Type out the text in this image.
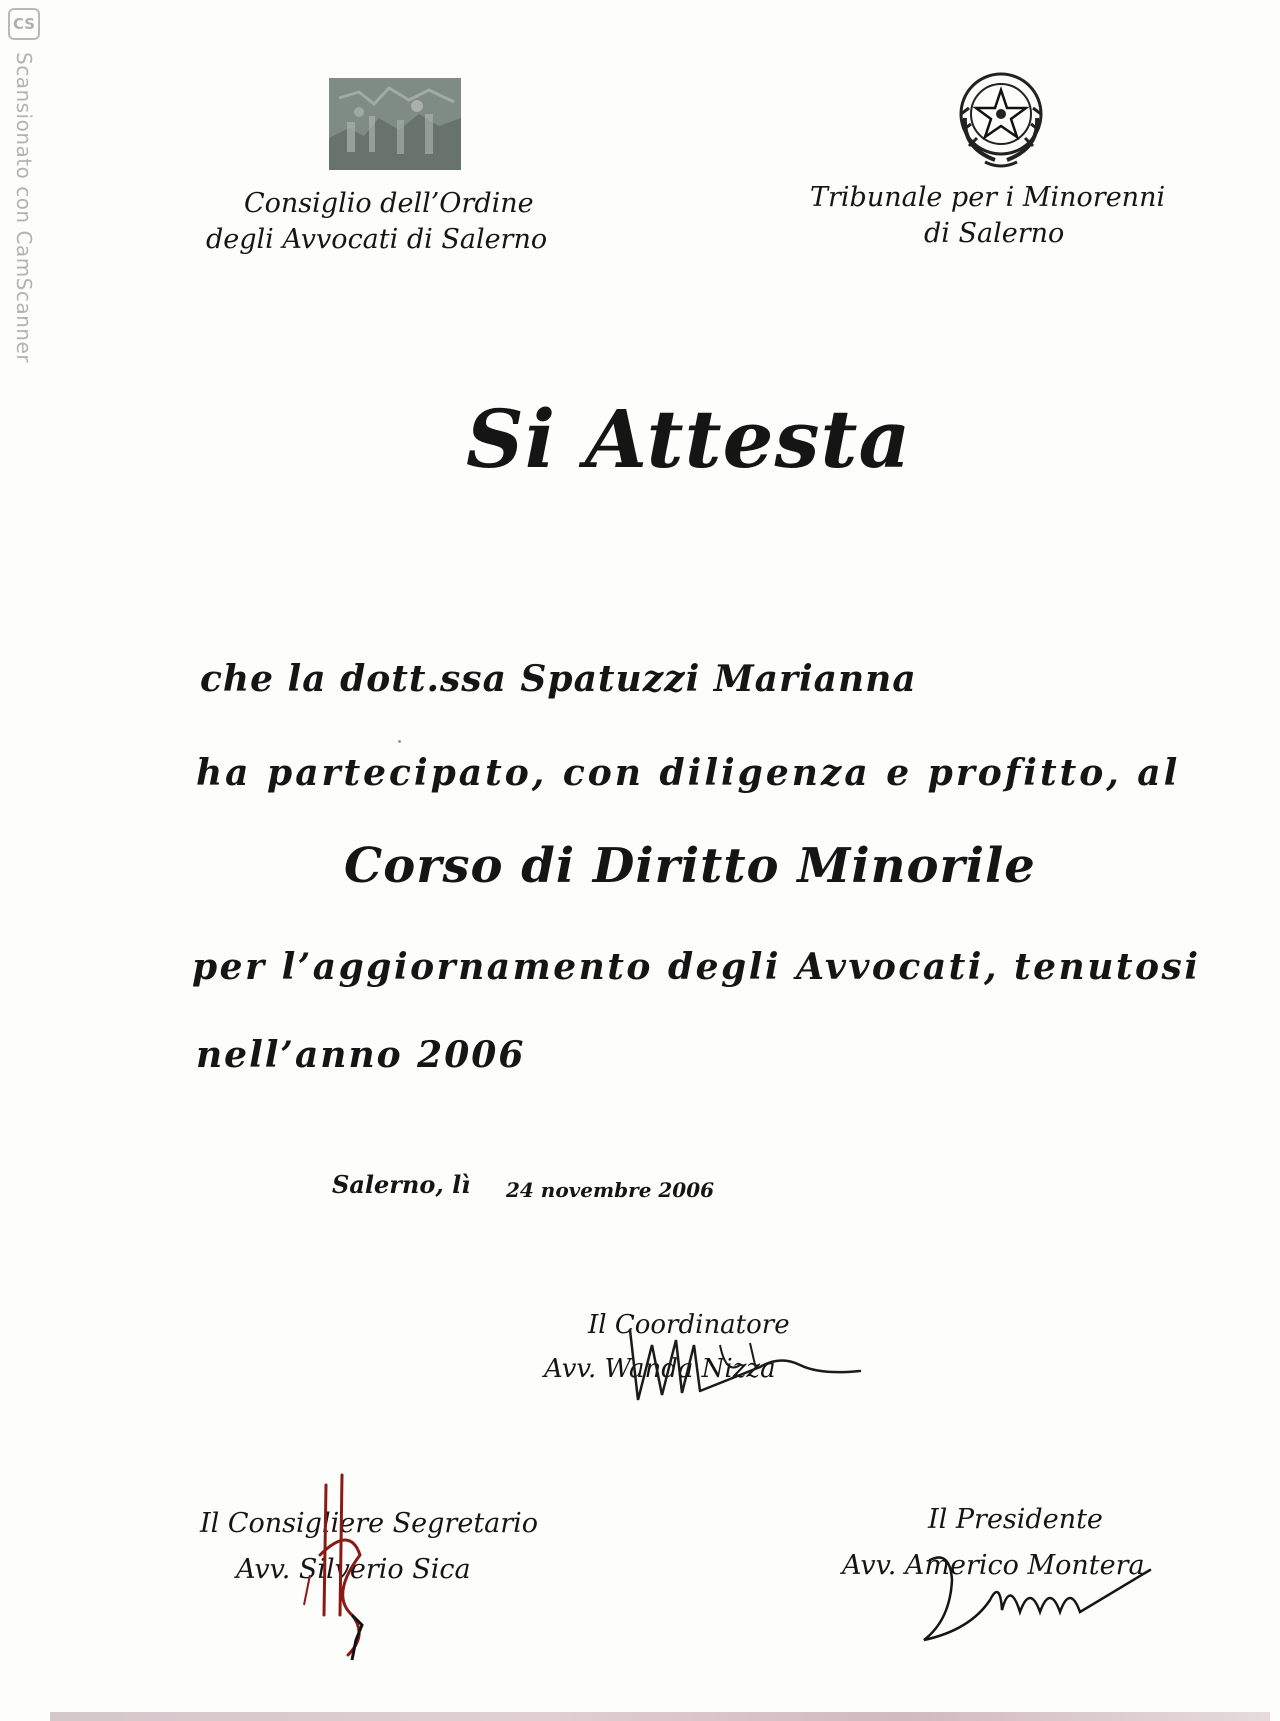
CS
Scansionato con CamScanner	Consiglio dell’Ordine
degli Avvocati di Salerno
Tribunale per i Minorenni
di Salerno
Si Attesta
che la dott.ssa Spatuzzi Marianna
ha partecipato, con diligenza e profitto, al
Corso di Diritto Minorile
per l’aggiornamento degli Avvocati, tenutosi
nell’anno 2006
Salerno, lì 24 novembre 2006
Il Coordinatore
Avv. Wanda Nizza
Il Consigliere Segretario
Avv. Silverio Sica
Il Presidente
Avv. Americo Montera
